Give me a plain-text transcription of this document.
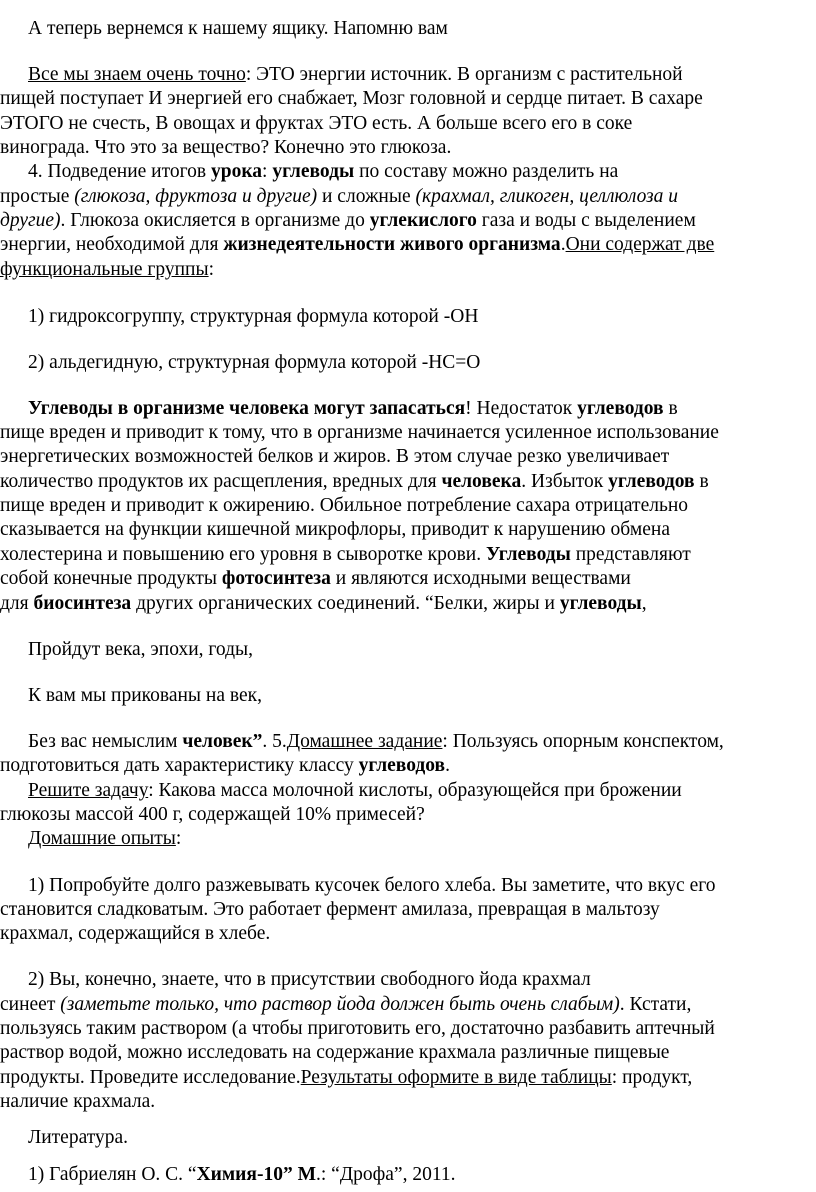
А теперь вернемся к нашему ящику. Напомню вам
Все мы знаем очень точно: ЭТО энергии источник. В организм с растительной
пищей поступает И энергией его снабжает, Мозг головной и сердце питает. В сахаре
ЭТОГО не счесть, В овощах и фруктах ЭТО есть. А больше всего его в соке
винограда. Что это за вещество? Конечно это глюкоза.
4. Подведение итогов урока: углеводы по составу можно разделить на
простые (глюкоза, фруктоза и другие) и сложные (крахмал, гликоген, целлюлоза и
другие). Глюкоза окисляется в организме до углекислого газа и воды с выделением
энергии, необходимой для жизнедеятельности живого организма.Они содержат две
функциональные группы:
1) гидроксогруппу, структурная формула которой -ОН
2) альдегидную, структурная формула которой -НС=О
Углеводы в организме человека могут запасаться! Недостаток углеводов в
пище вреден и приводит к тому, что в организме начинается усиленное использование
энергетических возможностей белков и жиров. В этом случае резко увеличивает
количество продуктов их расщепления, вредных для человека. Избыток углеводов в
пище вреден и приводит к ожирению. Обильное потребление сахара отрицательно
сказывается на функции кишечной микрофлоры, приводит к нарушению обмена
холестерина и повышению его уровня в сыворотке крови. Углеводы представляют
собой конечные продукты фотосинтеза и являются исходными веществами
для биосинтеза других органических соединений. “Белки, жиры и углеводы,
Пройдут века, эпохи, годы,
К вам мы прикованы на век,
Без вас немыслим человек”. 5.Домашнее задание: Пользуясь опорным конспектом,
подготовиться дать характеристику классу углеводов.
Решите задачу: Какова масса молочной кислоты, образующейся при брожении
глюкозы массой 400 г, содержащей 10% примесей?
Домашние опыты:
1) Попробуйте долго разжевывать кусочек белого хлеба. Вы заметите, что вкус его
становится сладковатым. Это работает фермент амилаза, превращая в мальтозу
крахмал, содержащийся в хлебе.
2) Вы, конечно, знаете, что в присутствии свободного йода крахмал
синеет (заметьте только, что раствор йода должен быть очень слабым). Кстати,
пользуясь таким раствором (а чтобы приготовить его, достаточно разбавить аптечный
раствор водой, можно исследовать на содержание крахмала различные пищевые
продукты. Проведите исследование.Результаты оформите в виде таблицы: продукт,
наличие крахмала.
Литература.
1) Габриелян О. С. “Химия-10” М.: “Дрофа”, 2011.
